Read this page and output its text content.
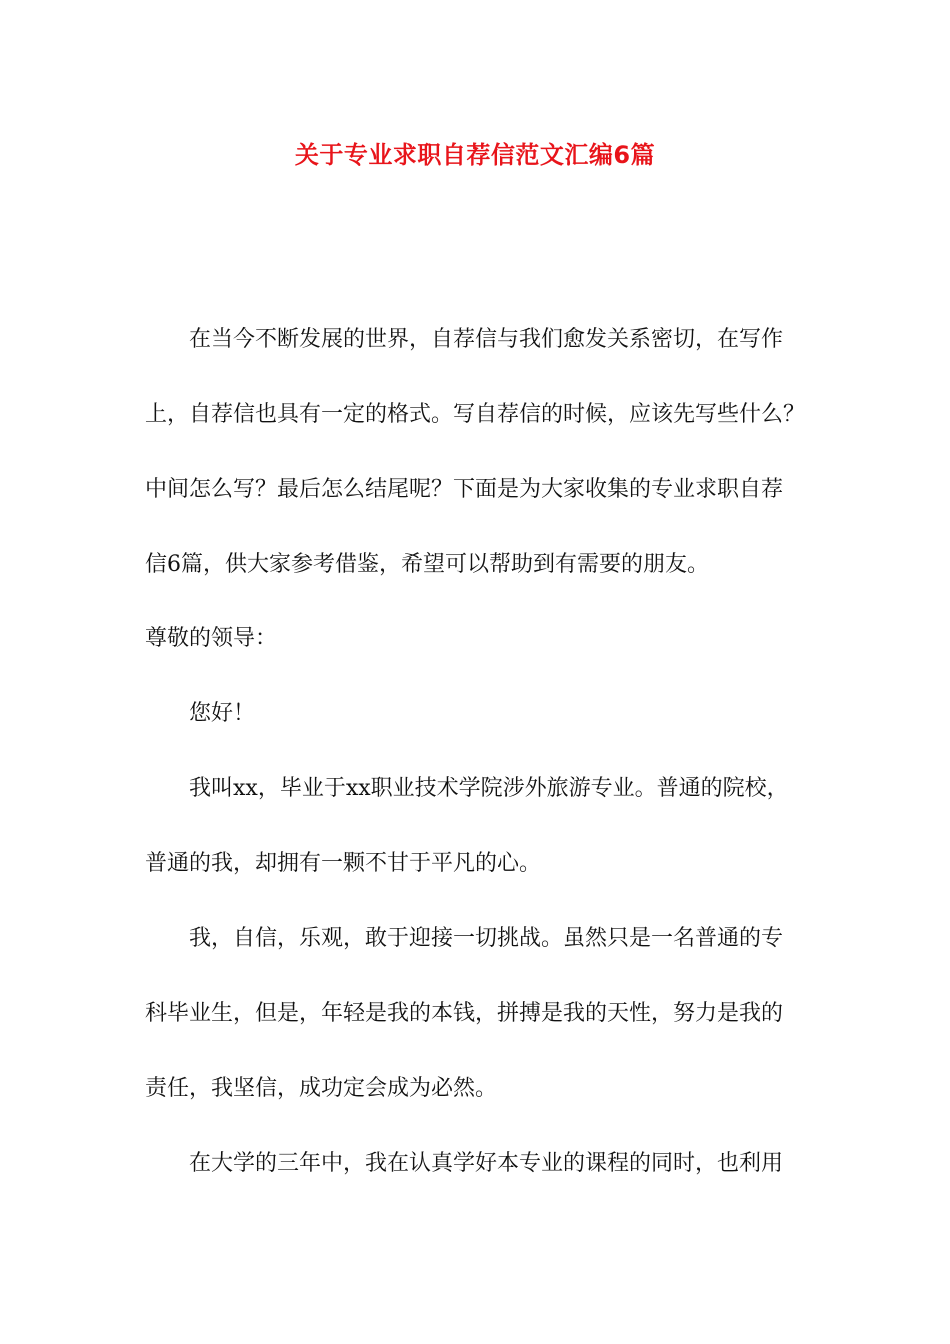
关于专业求职自荐信范文汇编6篇
在当今不断发展的世界，自荐信与我们愈发关系密切，在写作
上，自荐信也具有一定的格式。写自荐信的时候，应该先写些什么？
中间怎么写？最后怎么结尾呢？下面是为大家收集的专业求职自荐
信6篇，供大家参考借鉴，希望可以帮助到有需要的朋友。
尊敬的领导：
您好！
我叫xx，毕业于xx职业技术学院涉外旅游专业。普通的院校，
普通的我，却拥有一颗不甘于平凡的心。
我，自信，乐观，敢于迎接一切挑战。虽然只是一名普通的专
科毕业生，但是，年轻是我的本钱，拼搏是我的天性，努力是我的
责任，我坚信，成功定会成为必然。
在大学的三年中，我在认真学好本专业的课程的同时，也利用
